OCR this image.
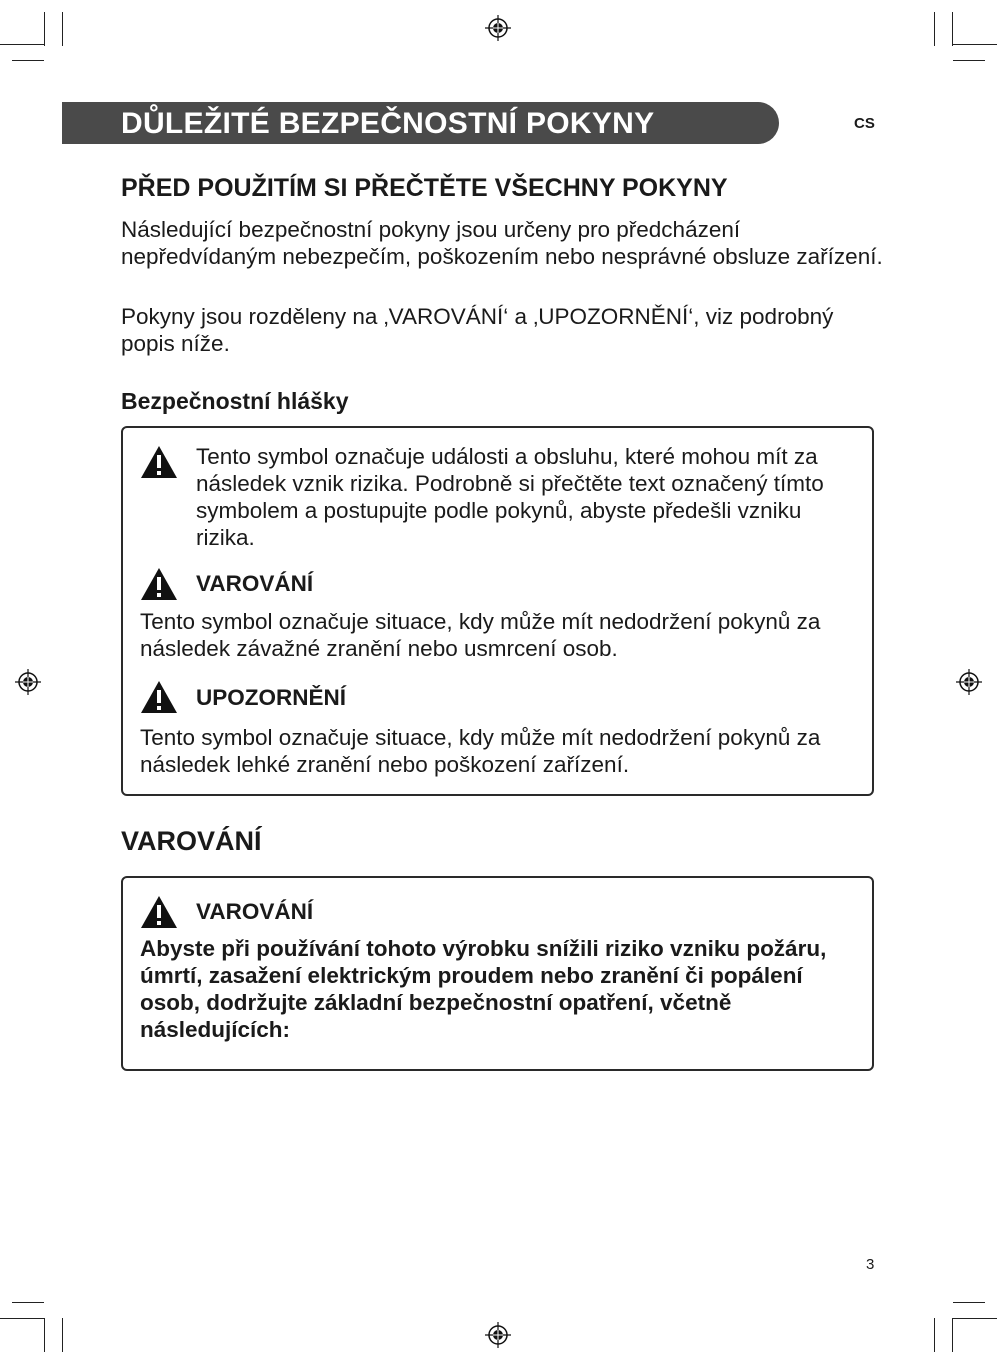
DŮLEŽITÉ BEZPEČNOSTNÍ POKYNY	CS
PŘED POUŽITÍM SI PŘEČTĚTE VŠECHNY POKYNY

Následující bezpečnostní pokyny jsou určeny pro předcházení nepředvídaným nebezpečím, poškozením nebo nesprávné obsluze zařízení.

Pokyny jsou rozděleny na ‚VAROVÁNÍ‘ a ‚UPOZORNĚNÍ‘, viz podrobný popis níže.

Bezpečnostní hlášky

Tento symbol označuje události a obsluhu, které mohou mít za následek vznik rizika. Podrobně si přečtěte text označený tímto symbolem a postupujte podle pokynů, abyste předešli vzniku rizika.

VAROVÁNÍ

Tento symbol označuje situace, kdy může mít nedodržení pokynů za následek závažné zranění nebo usmrcení osob.

UPOZORNĚNÍ

Tento symbol označuje situace, kdy může mít nedodržení pokynů za následek lehké zranění nebo poškození zařízení.

VAROVÁNÍ

VAROVÁNÍ

Abyste při používání tohoto výrobku snížili riziko vzniku požáru, úmrtí, zasažení elektrickým proudem nebo zranění či popálení osob, dodržujte základní bezpečnostní opatření, včetně následujících:

3
